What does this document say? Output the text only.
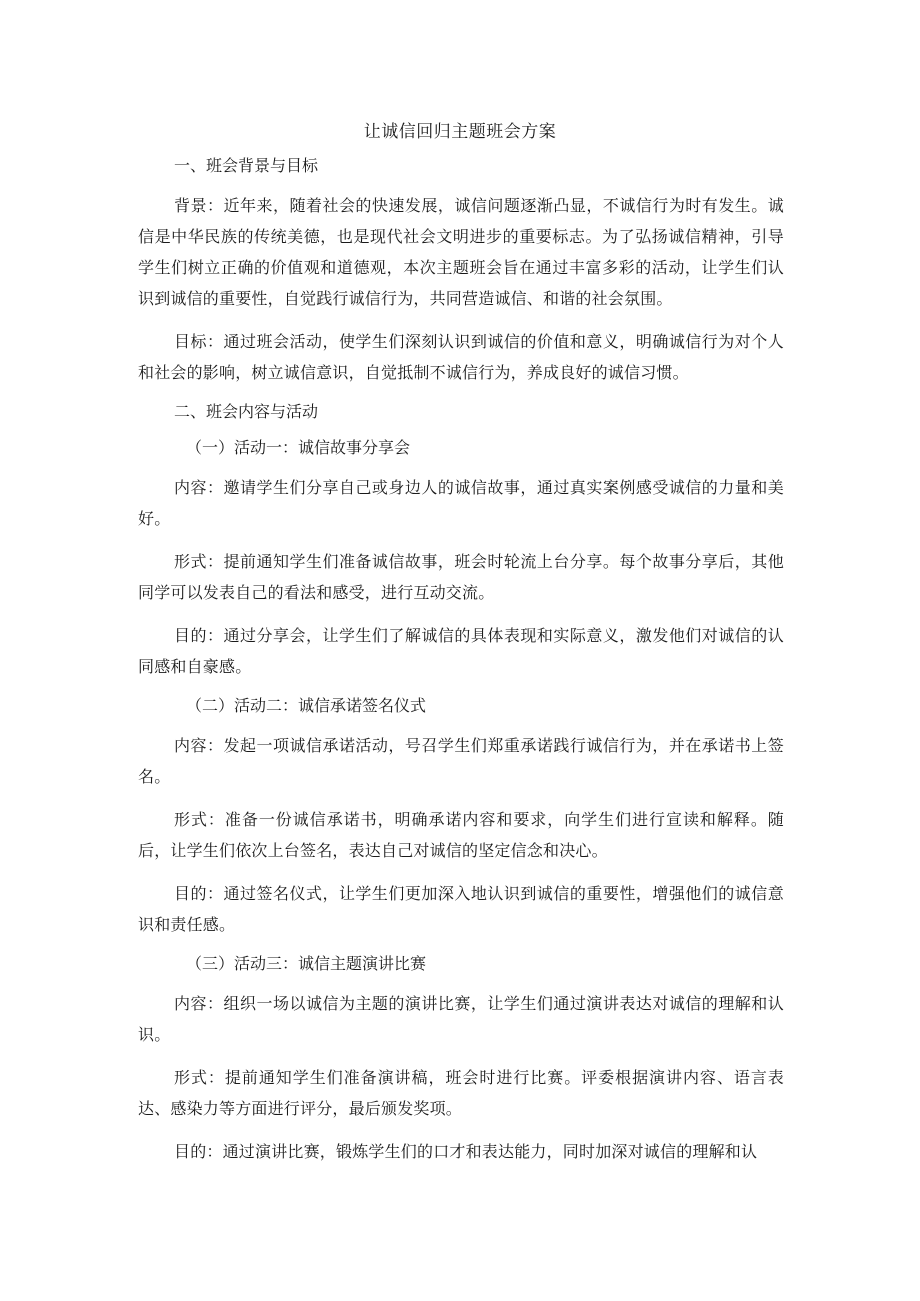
让诚信回归主题班会方案
一、班会背景与目标

背景：近年来，随着社会的快速发展，诚信问题逐渐凸显，不诚信行为时有发生。诚信是中华民族的传统美德，也是现代社会文明进步的重要标志。为了弘扬诚信精神，引导学生们树立正确的价值观和道德观，本次主题班会旨在通过丰富多彩的活动，让学生们认识到诚信的重要性，自觉践行诚信行为，共同营造诚信、和谐的社会氛围。

目标：通过班会活动，使学生们深刻认识到诚信的价值和意义，明确诚信行为对个人和社会的影响，树立诚信意识，自觉抵制不诚信行为，养成良好的诚信习惯。

二、班会内容与活动
（一）活动一：诚信故事分享会

内容：邀请学生们分享自己或身边人的诚信故事，通过真实案例感受诚信的力量和美好。

形式：提前通知学生们准备诚信故事，班会时轮流上台分享。每个故事分享后，其他同学可以发表自己的看法和感受，进行互动交流。

目的：通过分享会，让学生们了解诚信的具体表现和实际意义，激发他们对诚信的认同感和自豪感。

（二）活动二：诚信承诺签名仪式

内容：发起一项诚信承诺活动，号召学生们郑重承诺践行诚信行为，并在承诺书上签名。

形式：准备一份诚信承诺书，明确承诺内容和要求，向学生们进行宣读和解释。随后，让学生们依次上台签名，表达自己对诚信的坚定信念和决心。

目的：通过签名仪式，让学生们更加深入地认识到诚信的重要性，增强他们的诚信意识和责任感。

（三）活动三：诚信主题演讲比赛

内容：组织一场以诚信为主题的演讲比赛，让学生们通过演讲表达对诚信的理解和认识。

形式：提前通知学生们准备演讲稿，班会时进行比赛。评委根据演讲内容、语言表达、感染力等方面进行评分，最后颁发奖项。

目的：通过演讲比赛，锻炼学生们的口才和表达能力，同时加深对诚信的理解和认
